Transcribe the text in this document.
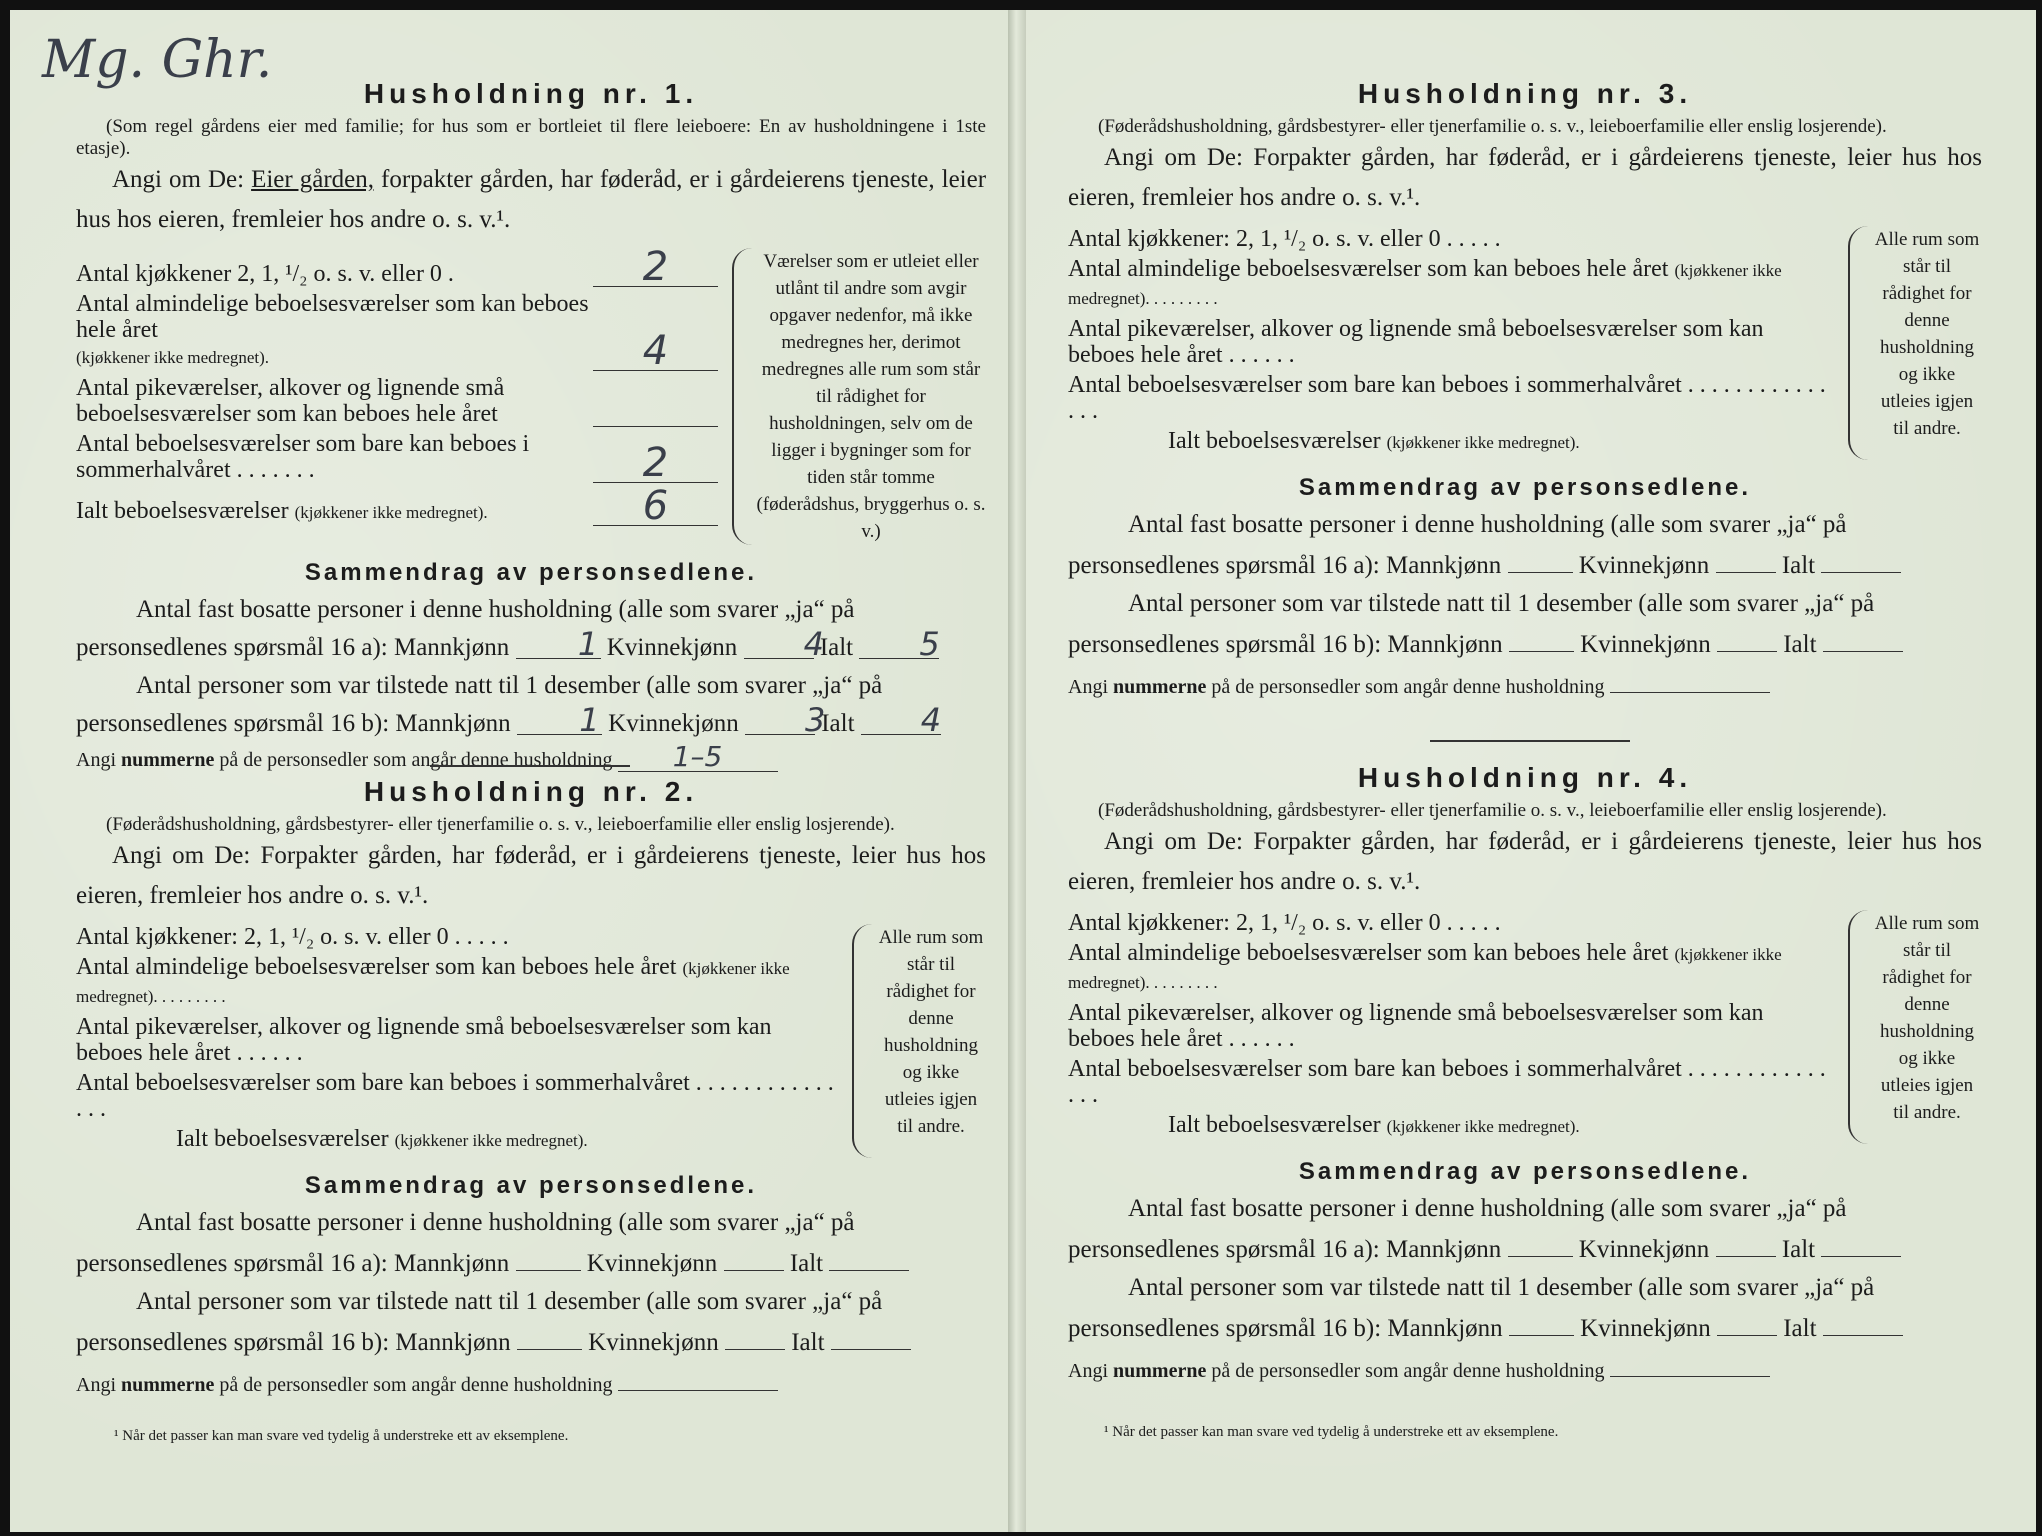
Mg. Ghr.
Husholdning nr. 1.
(Som regel gårdens eier med familie; for hus som er bortleiet til flere leieboere: En av husholdningene i 1ste etasje).
Angi om De: Eier gården, forpakter gården, har føderåd, er i gårdeierens tjeneste, leier hus hos eieren, fremleier hos andre o. s. v.¹.
Antal kjøkkener 2, 1, ¹/₂ o. s. v. eller 0 .	2
Antal almindelige beboelsesværelser som kan beboes hele året
(kjøkkener ikke medregnet).	4
Antal pikeværelser, alkover og lignende små beboelsesværelser som kan beboes hele året
Antal beboelsesværelser som bare kan beboes i sommerhalvåret . . . . . . .	2
Ialt beboelsesværelser (kjøkkener ikke medregnet).	6
Værelser som er utleiet eller utlånt til andre som avgir opgaver nedenfor, må ikke medregnes her, derimot medregnes alle rum som står til rådighet for husholdningen, selv om de ligger i bygninger som for tiden står tomme (føderådshus, bryggerhus o. s. v.)
Sammendrag av personsedlene.
Antal fast bosatte personer i denne husholdning (alle som svarer „ja“ på personsedlenes spørsmål 16 a): Mannkjønn 1 Kvinnekjønn 4 Ialt 5
Antal personer som var tilstede natt til 1 desember (alle som svarer „ja“ på personsedlenes spørsmål 16 b): Mannkjønn 1 Kvinnekjønn 3 Ialt 4
Angi nummerne på de personsedler som angår denne husholdning 1–5
Husholdning nr. 2.
(Føderådshusholdning, gårdsbestyrer- eller tjenerfamilie o. s. v., leieboerfamilie eller enslig losjerende).
Angi om De: Forpakter gården, har føderåd, er i gårdeierens tjeneste, leier hus hos eieren, fremleier hos andre o. s. v.¹.
Antal kjøkkener: 2, 1, ¹/₂ o. s. v. eller 0 . . . . .
Antal almindelige beboelsesværelser som kan beboes hele året (kjøkkener ikke medregnet). . . . . . . . .
Antal pikeværelser, alkover og lignende små beboelsesværelser som kan beboes hele året . . . . . .
Antal beboelsesværelser som bare kan beboes i sommerhalvåret . . . . . . . . . . . . . . .
Ialt beboelsesværelser (kjøkkener ikke medregnet).
Alle rum som står til rådighet for denne husholdning og ikke utleies igjen til andre.
Sammendrag av personsedlene.
Antal fast bosatte personer i denne husholdning (alle som svarer „ja“ på personsedlenes spørsmål 16 a): Mannkjønn	Kvinnekjønn	Ialt
Antal personer som var tilstede natt til 1 desember (alle som svarer „ja“ på personsedlenes spørsmål 16 b): Mannkjønn	Kvinnekjønn	Ialt
Angi nummerne på de personsedler som angår denne husholdning
¹ Når det passer kan man svare ved tydelig å understreke ett av eksemplene.
Husholdning nr. 3.
(Føderådshusholdning, gårdsbestyrer- eller tjenerfamilie o. s. v., leieboerfamilie eller enslig losjerende).
Angi om De: Forpakter gården, har føderåd, er i gårdeierens tjeneste, leier hus hos eieren, fremleier hos andre o. s. v.¹.
Antal kjøkkener: 2, 1, ¹/₂ o. s. v. eller 0 . . . . .
Antal almindelige beboelsesværelser som kan beboes hele året (kjøkkener ikke medregnet). . . . . . . . .
Antal pikeværelser, alkover og lignende små beboelsesværelser som kan beboes hele året . . . . . .
Antal beboelsesværelser som bare kan beboes i sommerhalvåret . . . . . . . . . . . . . . .
Ialt beboelsesværelser (kjøkkener ikke medregnet).
Alle rum som står til rådighet for denne husholdning og ikke utleies igjen til andre.
Sammendrag av personsedlene.
Antal fast bosatte personer i denne husholdning (alle som svarer „ja“ på personsedlenes spørsmål 16 a): Mannkjønn	Kvinnekjønn	Ialt
Antal personer som var tilstede natt til 1 desember (alle som svarer „ja“ på personsedlenes spørsmål 16 b): Mannkjønn	Kvinnekjønn	Ialt
Angi nummerne på de personsedler som angår denne husholdning
Husholdning nr. 4.
(Føderådshusholdning, gårdsbestyrer- eller tjenerfamilie o. s. v., leieboerfamilie eller enslig losjerende).
Angi om De: Forpakter gården, har føderåd, er i gårdeierens tjeneste, leier hus hos eieren, fremleier hos andre o. s. v.¹.
Antal kjøkkener: 2, 1, ¹/₂ o. s. v. eller 0 . . . . .
Antal almindelige beboelsesværelser som kan beboes hele året (kjøkkener ikke medregnet). . . . . . . . .
Antal pikeværelser, alkover og lignende små beboelsesværelser som kan beboes hele året . . . . . .
Antal beboelsesværelser som bare kan beboes i sommerhalvåret . . . . . . . . . . . . . . .
Ialt beboelsesværelser (kjøkkener ikke medregnet).
Alle rum som står til rådighet for denne husholdning og ikke utleies igjen til andre.
Sammendrag av personsedlene.
Antal fast bosatte personer i denne husholdning (alle som svarer „ja“ på personsedlenes spørsmål 16 a): Mannkjønn	Kvinnekjønn	Ialt
Antal personer som var tilstede natt til 1 desember (alle som svarer „ja“ på personsedlenes spørsmål 16 b): Mannkjønn	Kvinnekjønn	Ialt
Angi nummerne på de personsedler som angår denne husholdning
¹ Når det passer kan man svare ved tydelig å understreke ett av eksemplene.
